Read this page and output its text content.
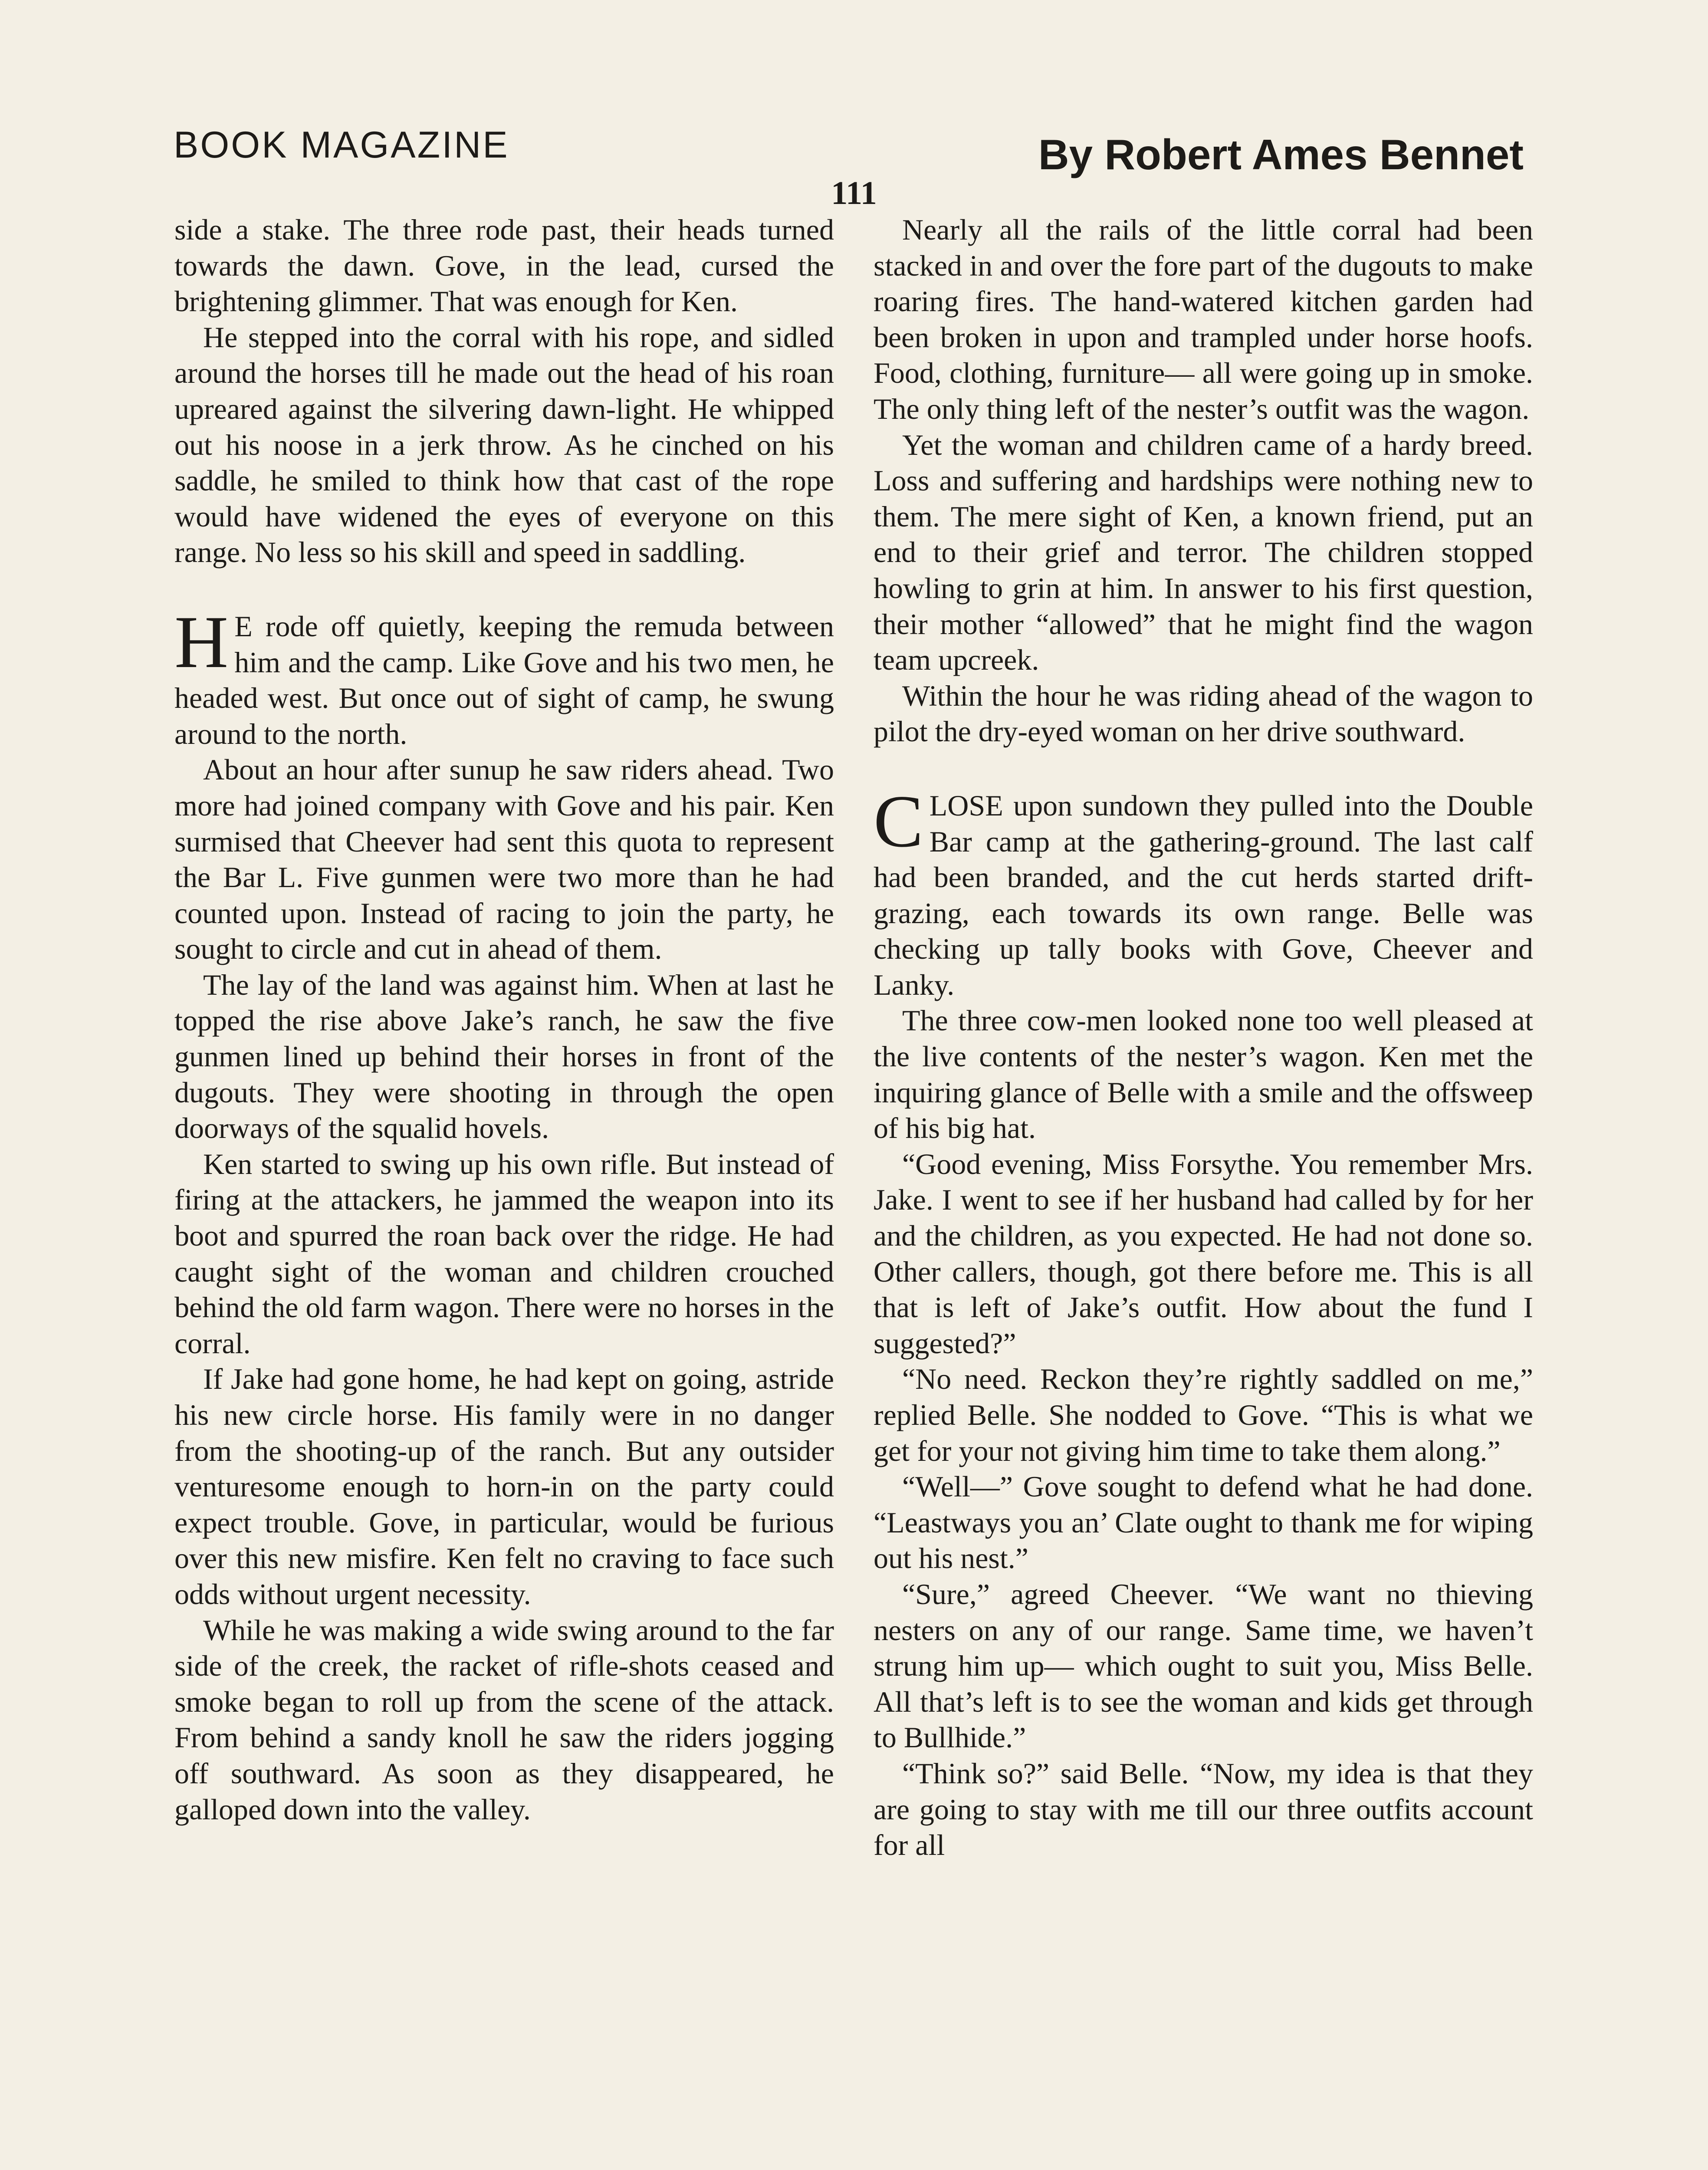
BOOK MAGAZINE	By Robert Ames Bennet
111

side a stake. The three rode past, their heads turned towards the dawn. Gove, in the lead, cursed the brightening glimmer. That was enough for Ken.

He stepped into the corral with his rope, and sidled around the horses till he made out the head of his roan upreared against the silvering dawn-light. He whipped out his noose in a jerk throw. As he cinched on his saddle, he smiled to think how that cast of the rope would have widened the eyes of everyone on this range. No less so his skill and speed in saddling.

H E rode off quietly, keeping the remuda between him and the camp. Like Gove and his two men, he headed west. But once out of sight of camp, he swung around to the north.

About an hour after sunup he saw riders ahead. Two more had joined company with Gove and his pair. Ken surmised that Cheever had sent this quota to represent the Bar L. Five gunmen were two more than he had counted upon. Instead of racing to join the party, he sought to circle and cut in ahead of them.

The lay of the land was against him. When at last he topped the rise above Jake’s ranch, he saw the five gunmen lined up behind their horses in front of the dugouts. They were shooting in through the open doorways of the squalid hovels.

Ken started to swing up his own rifle. But instead of firing at the attackers, he jammed the weapon into its boot and spurred the roan back over the ridge. He had caught sight of the woman and children crouched behind the old farm wagon. There were no horses in the corral.

If Jake had gone home, he had kept on going, astride his new circle horse. His family were in no danger from the shooting-up of the ranch. But any outsider venturesome enough to horn-in on the party could expect trouble. Gove, in particular, would be furious over this new misfire. Ken felt no craving to face such odds without urgent necessity.

While he was making a wide swing around to the far side of the creek, the racket of rifle-shots ceased and smoke began to roll up from the scene of the attack. From behind a sandy knoll he saw the riders jogging off southward. As soon as they disappeared, he galloped down into the valley.

Nearly all the rails of the little corral had been stacked in and over the fore part of the dugouts to make roaring fires. The hand-watered kitchen garden had been broken in upon and trampled under horse hoofs. Food, clothing, furniture— all were going up in smoke. The only thing left of the nester’s outfit was the wagon.

Yet the woman and children came of a hardy breed. Loss and suffering and hardships were nothing new to them. The mere sight of Ken, a known friend, put an end to their grief and terror. The children stopped howling to grin at him. In answer to his first question, their mother “allowed” that he might find the wagon team upcreek.

Within the hour he was riding ahead of the wagon to pilot the dry-eyed woman on her drive southward.

CLOSE upon sundown they pulled into the Double Bar camp at the gathering-ground. The last calf had been branded, and the cut herds started drift-grazing, each towards its own range. Belle was checking up tally books with Gove, Cheever and Lanky.

The three cow-men looked none too well pleased at the live contents of the nester’s wagon. Ken met the inquiring glance of Belle with a smile and the offsweep of his big hat.

“Good evening, Miss Forsythe. You remember Mrs. Jake. I went to see if her husband had called by for her and the children, as you expected. He had not done so. Other callers, though, got there before me. This is all that is left of Jake’s outfit. How about the fund I suggested?”

“No need. Reckon they’re rightly saddled on me,” replied Belle. She nodded to Gove. “This is what we get for your not giving him time to take them along.”

“Well—” Gove sought to defend what he had done. “Leastways you an’ Clate ought to thank me for wiping out his nest.”

“Sure,” agreed Cheever. “We want no thieving nesters on any of our range. Same time, we haven’t strung him up— which ought to suit you, Miss Belle. All that’s left is to see the woman and kids get through to Bullhide.”

“Think so?” said Belle. “Now, my idea is that they are going to stay with me till our three outfits account for all
